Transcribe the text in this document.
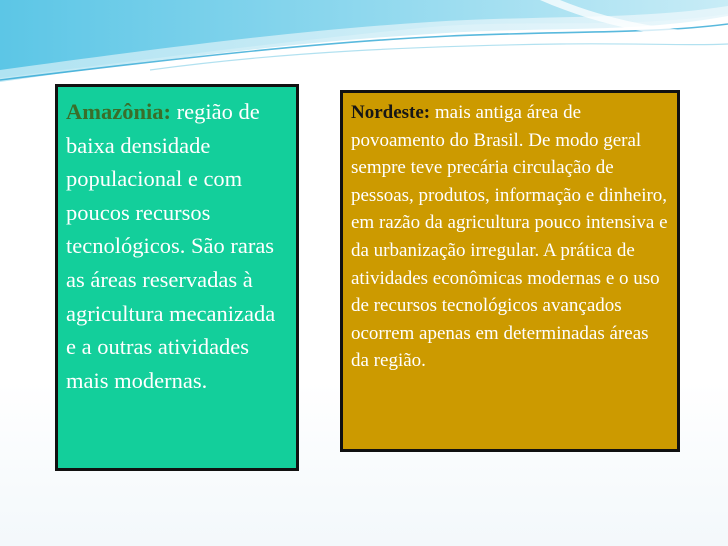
Amazônia: região de baixa densidade populacional e com poucos recursos tecnológicos. São raras as áreas reservadas à agricultura mecanizada e a outras atividades mais modernas.
Nordeste: mais antiga área de povoamento do Brasil. De modo geral sempre teve precária circulação de pessoas, produtos, informação e dinheiro, em razão da agricultura pouco intensiva e da urbanização irregular. A prática de atividades econômicas modernas e o uso de recursos tecnológicos avançados ocorrem apenas em determinadas áreas da região.
